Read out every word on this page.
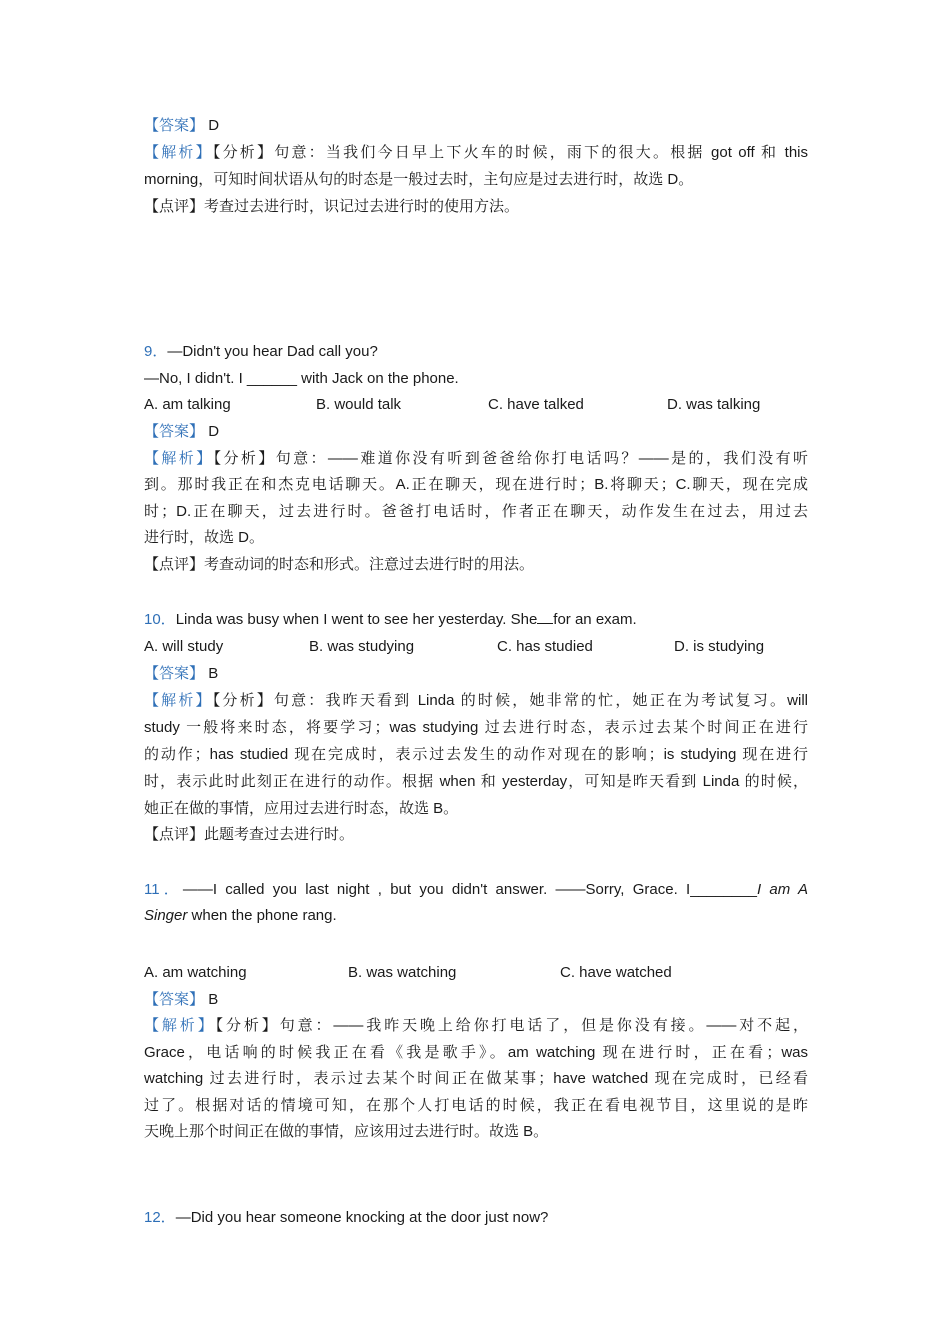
【答案】 D
【解析】【分析】句意：当我们今日早上下火车的时候，雨下的很大。根据 got off 和 this
morning，可知时间状语从句的时态是一般过去时，主句应是过去进行时，故选 D。
【点评】考查过去进行时，识记过去进行时的使用方法。
9．—Didn't you hear Dad call you?
—No, I didn't. I ______ with Jack on the phone.
A. am talking	B. would talk	C. have talked	D. was talking
【答案】 D
【解析】【分析】句意：——难道你没有听到爸爸给你打电话吗？——是的，我们没有听
到。那时我正在和杰克电话聊天。A.正在聊天，现在进行时；B.将聊天；C.聊天，现在完成
时；D.正在聊天，过去进行时。爸爸打电话时，作者正在聊天，动作发生在过去，用过去
进行时，故选 D。
【点评】考查动词的时态和形式。注意过去进行时的用法。
10．Linda was busy when I went to see her yesterday. She for an exam.
A. will study	B. was studying	C. has studied	D. is studying
【答案】 B
【解析】【分析】句意：我昨天看到 Linda 的时候，她非常的忙，她正在为考试复习。will
study 一般将来时态，将要学习；was studying 过去进行时态，表示过去某个时间正在进行
的动作；has studied 现在完成时，表示过去发生的动作对现在的影响；is studying 现在进行
时，表示此时此刻正在进行的动作。根据 when 和 yesterday，可知是昨天看到 Linda 的时候，
她正在做的事情，应用过去进行时态，故选 B。
【点评】此题考查过去进行时。
11．——I called you last night , but you didn't answer. ——Sorry, Grace. I________I am A
Singer when the phone rang.
A. am watching	B. was watching	C. have watched
【答案】 B
【解析】【分析】句意：——我昨天晚上给你打电话了，但是你没有接。——对不起，
Grace，电话响的时候我正在看《我是歌手》。am watching 现在进行时，正在看；was
watching 过去进行时，表示过去某个时间正在做某事；have watched 现在完成时，已经看
过了。根据对话的情境可知，在那个人打电话的时候，我正在看电视节目，这里说的是昨
天晚上那个时间正在做的事情，应该用过去进行时。故选 B。
12．—Did you hear someone knocking at the door just now?
